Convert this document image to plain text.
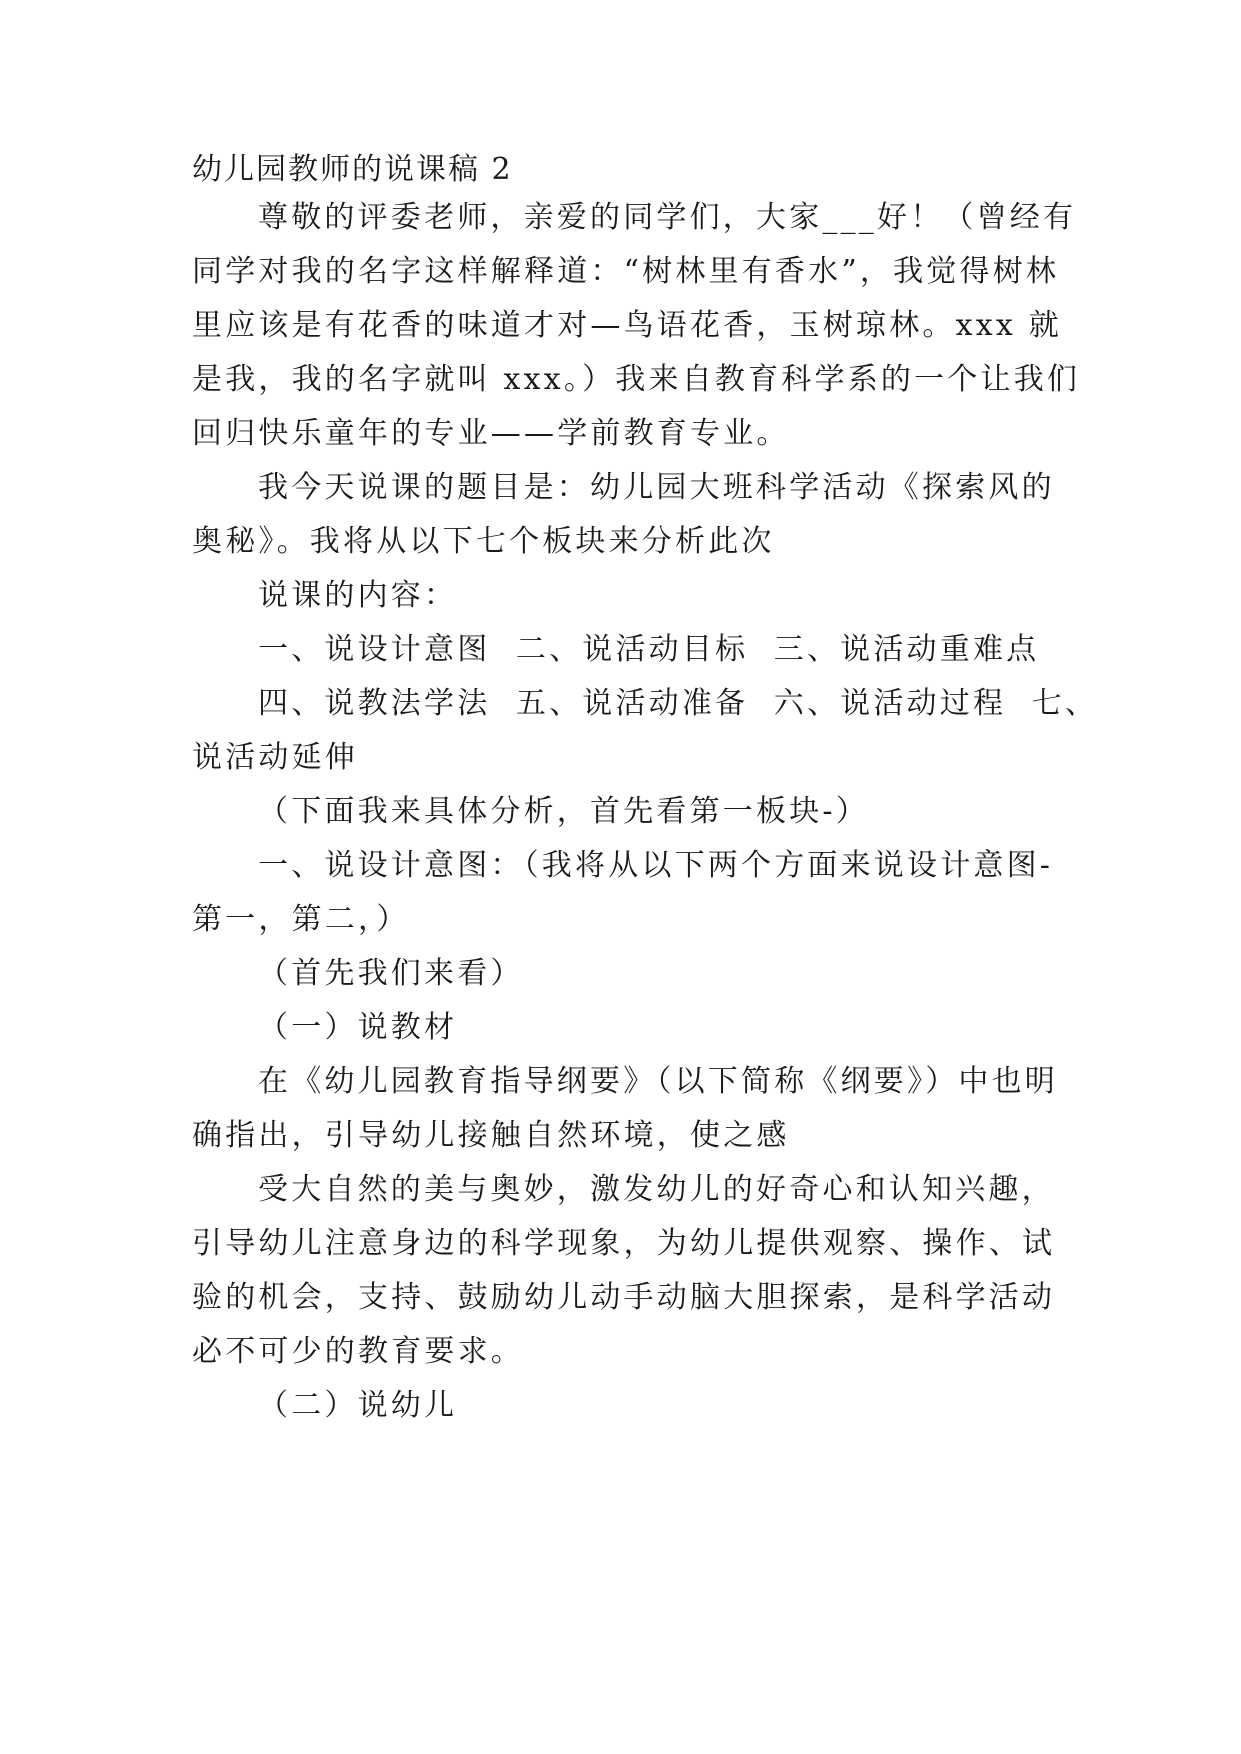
幼儿园教师的说课稿 2
尊敬的评委老师，亲爱的同学们，大家___好！（曾经有
同学对我的名字这样解释道：“树林里有香水”，我觉得树林
里应该是有花香的味道才对—鸟语花香，玉树琼林。xxx 就
是我，我的名字就叫 xxx。）我来自教育科学系的一个让我们
回归快乐童年的专业——学前教育专业。
我今天说课的题目是：幼儿园大班科学活动《探索风的
奥秘》。我将从以下七个板块来分析此次
说课的内容：
一、说设计意图  二、说活动目标  三、说活动重难点
四、说教法学法  五、说活动准备  六、说活动过程  七、
说活动延伸
（下面我来具体分析，首先看第一板块-）
一、说设计意图：（我将从以下两个方面来说设计意图-
第一，第二，）
（首先我们来看）
（一）说教材
在《幼儿园教育指导纲要》（以下简称《纲要》）中也明
确指出，引导幼儿接触自然环境，使之感
受大自然的美与奥妙，激发幼儿的好奇心和认知兴趣，
引导幼儿注意身边的科学现象，为幼儿提供观察、操作、试
验的机会，支持、鼓励幼儿动手动脑大胆探索，是科学活动
必不可少的教育要求。
（二）说幼儿
